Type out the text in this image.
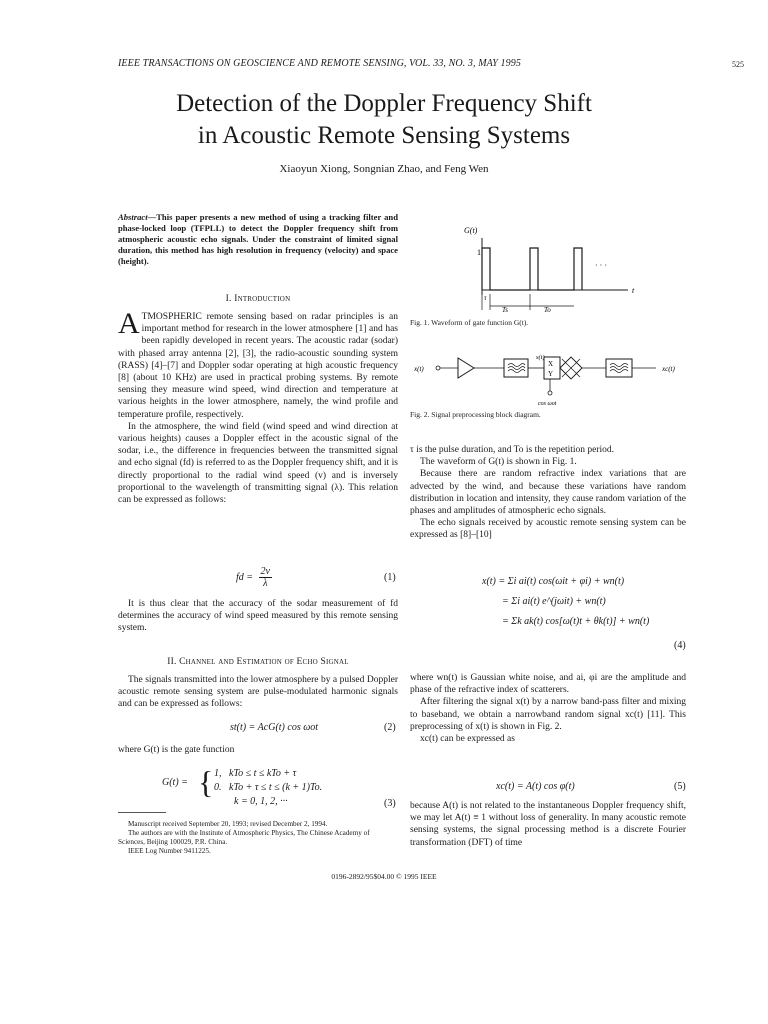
IEEE TRANSACTIONS ON GEOSCIENCE AND REMOTE SENSING, VOL. 33, NO. 3, MAY 1995	525
Detection of the Doppler Frequency Shift
in Acoustic Remote Sensing Systems
Xiaoyun Xiong, Songnian Zhao, and Feng Wen
Abstract—This paper presents a new method of using a tracking filter and phase-locked loop (TFPLL) to detect the Doppler frequency shift from atmospheric acoustic echo signals. Under the constraint of limited signal duration, this method has high resolution in frequency (velocity) and space (height).
I. Introduction

ATMOSPHERIC remote sensing based on radar principles is an important method for research in the lower atmosphere [1] and has been rapidly developed in recent years. The acoustic radar (sodar) with phased array antenna [2], [3], the radio-acoustic sounding system (RASS) [4]–[7] and Doppler sodar operating at high acoustic frequency [8] (about 10 KHz) are used in practical probing systems. By remote sensing they measure wind speed, wind direction and temperature at various heights in the lower atmosphere, namely, the wind profile and temperature profile, respectively.

In the atmosphere, the wind field (wind speed and wind direction at various heights) causes a Doppler effect in the acoustic signal of the sodar, i.e., the difference in frequencies between the transmitted signal and echo signal (fd) is referred to as the Doppler frequency shift, and it is directly proportional to the radial wind speed (v) and is inversely proportional to the wavelength of transmitting signal (λ). This relation can be expressed as follows:

fd = $\frac{2v}{\lambda}$	(1)

It is thus clear that the accuracy of the sodar measurement of fd determines the accuracy of wind speed measured by this remote sensing system.

II. Channel and Estimation of Echo Signal

The signals transmitted into the lower atmosphere by a pulsed Doppler acoustic remote sensing system are pulse-modulated harmonic signals and can be expressed as follows:

st(t) = AcG(t) cos ωot	(2)

where G(t) is the gate function

G(t) = { 1,   kTo ≤ t ≤ kTo + τ
0.   kTo + τ ≤ t ≤ (k + 1)To.
k = 0, 1, 2, ···	(3)
Manuscript received September 20, 1993; revised December 2, 1994.
The authors are with the Institute of Atmospheric Physics, The Chinese Academy of Sciences, Beijing 100029, P.R. China.
IEEE Log Number 9411225.
G(t)
1
· · ·
t
τ
Ts	To
Fig. 1. Waveform of gate function G(t).
x(t)
s(t)
X
Y
cos ωot
xc(t)
Fig. 2. Signal preprocessing block diagram.

τ is the pulse duration, and To is the repetition period.

The waveform of G(t) is shown in Fig. 1.

Because there are random refractive index variations that are advected by the wind, and because these variations have random distribution in location and intensity, they cause random variation of the phases and amplitudes of atmospheric echo signals.

The echo signals received by acoustic remote sensing system can be expressed as [8]–[10]

x(t) = Σi ai(t) cos(ωit + φi) + wn(t)
= Σi ai(t) e^(jωit) + wn(t)
= Σk ak(t) cos[ω(t)t + θk(t)] + wn(t)
(4)

where wn(t) is Gaussian white noise, and ai, φi are the amplitude and phase of the refractive index of scatterers.

After filtering the signal x(t) by a narrow band-pass filter and mixing to baseband, we obtain a narrowband random signal xc(t) [11]. This preprocessing of x(t) is shown in Fig. 2.

xc(t) can be expressed as

xc(t) = A(t) cos φ(t)	(5)

because A(t) is not related to the instantaneous Doppler frequency shift, we may let A(t) ≡ 1 without loss of generality. In many acoustic remote sensing systems, the signal processing method is a discrete Fourier transformation (DFT) of time

0196-2892/95$04.00 © 1995 IEEE
